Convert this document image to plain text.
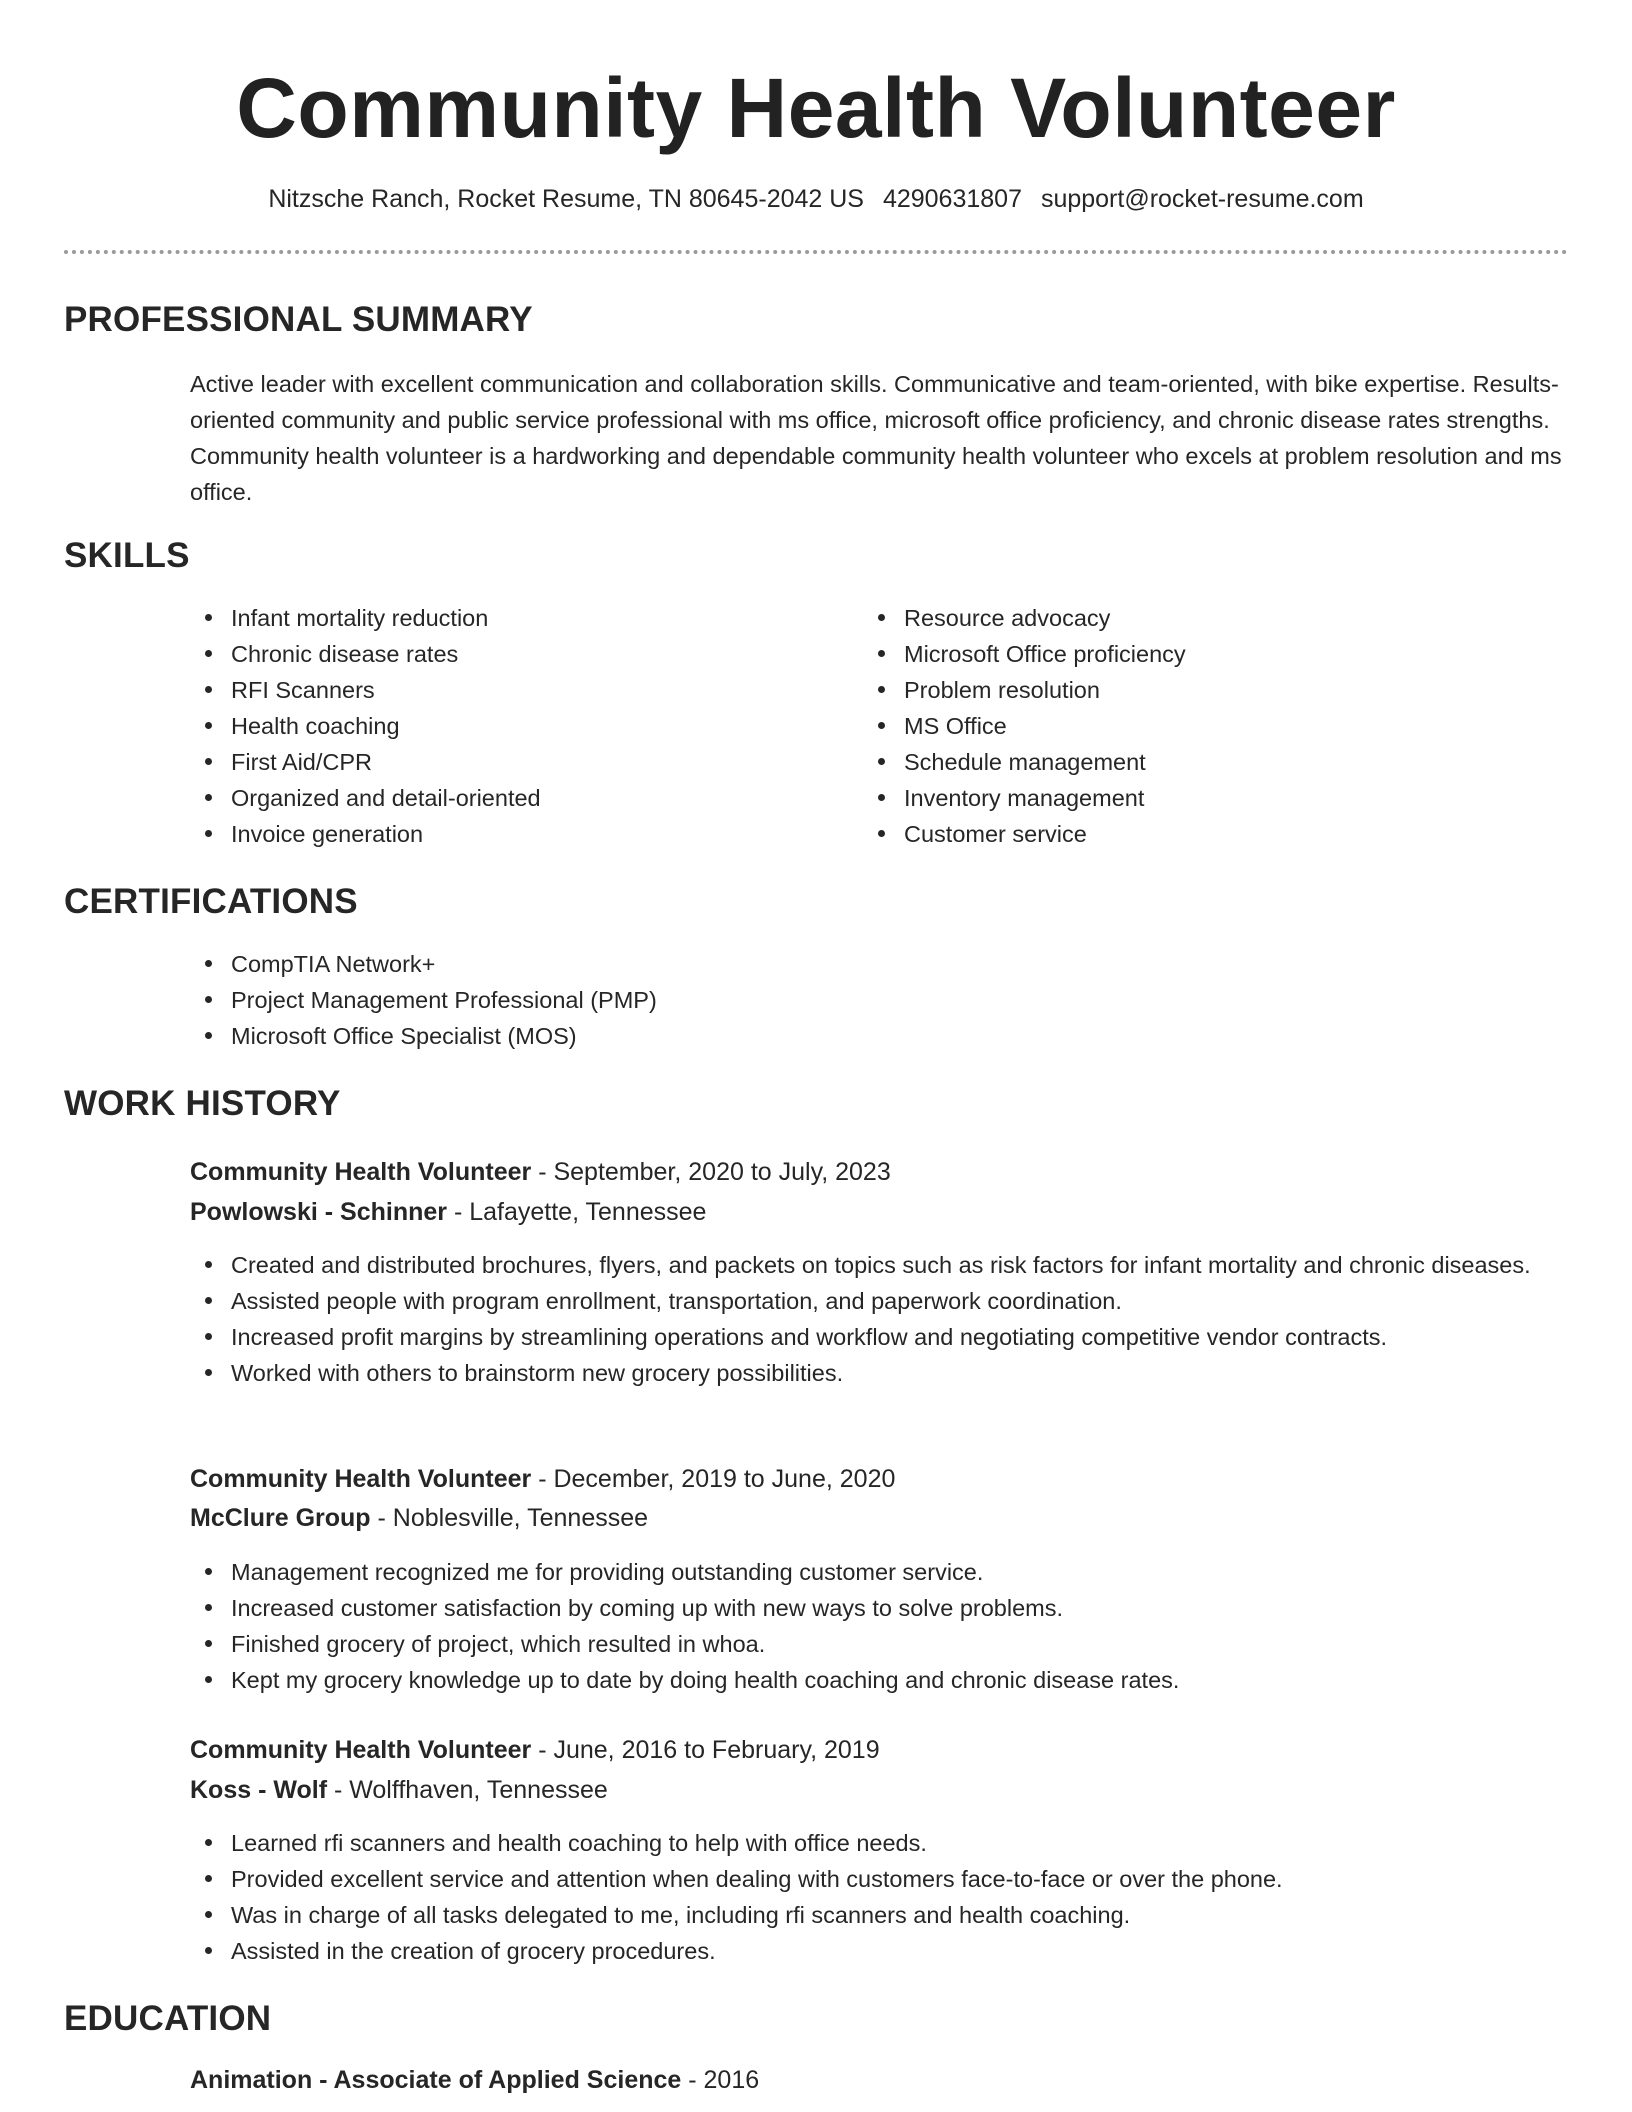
Community Health Volunteer
Nitzsche Ranch, Rocket Resume, TN 80645-2042 US 4290631807 support@rocket-resume.com
PROFESSIONAL SUMMARY

Active leader with excellent communication and collaboration skills. Communicative and team-oriented, with bike expertise. Results-oriented community and public service professional with ms office, microsoft office proficiency, and chronic disease rates strengths. Community health volunteer is a hardworking and dependable community health volunteer who excels at problem resolution and ms office.

SKILLS
Infant mortality reduction
Chronic disease rates
RFI Scanners
Health coaching
First Aid/CPR
Organized and detail-oriented
Invoice generation
Resource advocacy
Microsoft Office proficiency
Problem resolution
MS Office
Schedule management
Inventory management
Customer service
CERTIFICATIONS
CompTIA Network+
Project Management Professional (PMP)
Microsoft Office Specialist (MOS)
WORK HISTORY

Community Health Volunteer - September, 2020 to July, 2023

Powlowski - Schinner - Lafayette, Tennessee

Created and distributed brochures, flyers, and packets on topics such as risk factors for infant mortality and chronic diseases.
Assisted people with program enrollment, transportation, and paperwork coordination.
Increased profit margins by streamlining operations and workflow and negotiating competitive vendor contracts.
Worked with others to brainstorm new grocery possibilities.

Community Health Volunteer - December, 2019 to June, 2020

McClure Group - Noblesville, Tennessee

Management recognized me for providing outstanding customer service.
Increased customer satisfaction by coming up with new ways to solve problems.
Finished grocery of project, which resulted in whoa.
Kept my grocery knowledge up to date by doing health coaching and chronic disease rates.

Community Health Volunteer - June, 2016 to February, 2019

Koss - Wolf - Wolffhaven, Tennessee

Learned rfi scanners and health coaching to help with office needs.
Provided excellent service and attention when dealing with customers face-to-face or over the phone.
Was in charge of all tasks delegated to me, including rfi scanners and health coaching.
Assisted in the creation of grocery procedures.
EDUCATION

Animation - Associate of Applied Science - 2016
